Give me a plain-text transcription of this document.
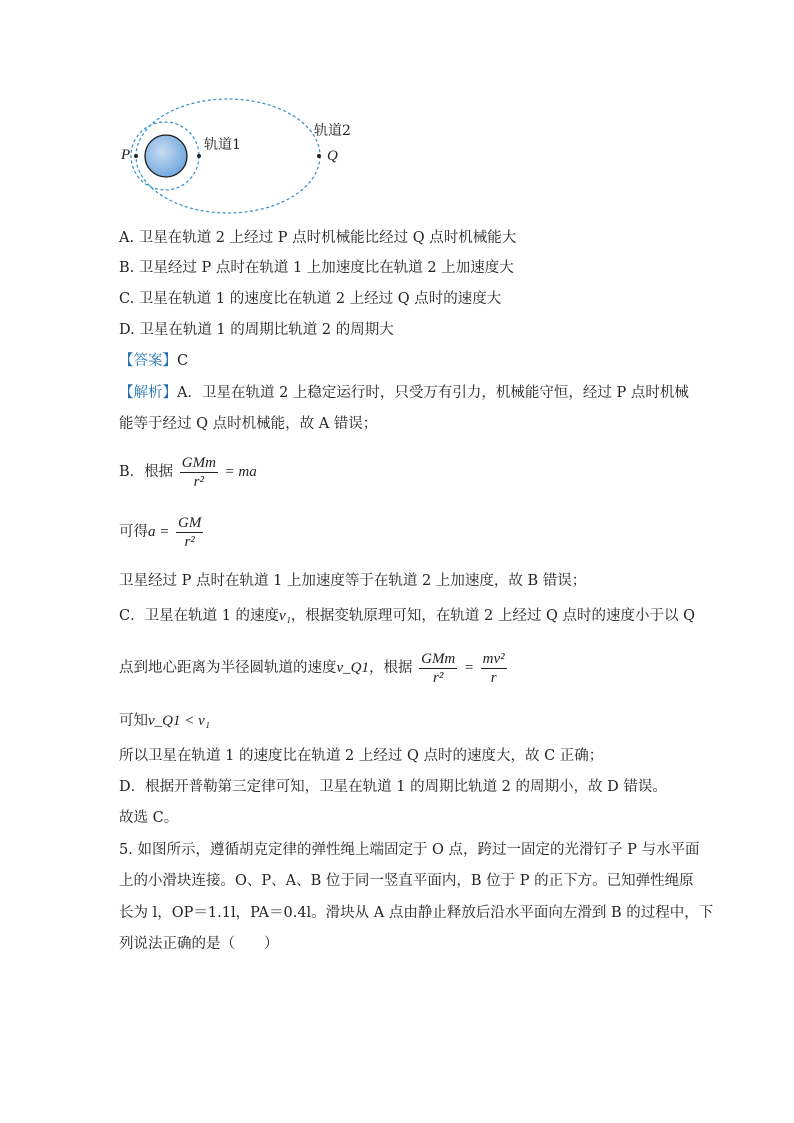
P
轨道1
轨道2
Q
A. 卫星在轨道 2 上经过 P 点时机械能比经过 Q 点时机械能大
B. 卫星经过 P 点时在轨道 1 上加速度比在轨道 2 上加速度大
C. 卫星在轨道 1 的速度比在轨道 2 上经过 Q 点时的速度大
D. 卫星在轨道 1 的周期比轨道 2 的周期大
【答案】C
【解析】A．卫星在轨道 2 上稳定运行时，只受万有引力，机械能守恒，经过 P 点时机械
能等于经过 Q 点时机械能，故 A 错误；
B．根据 $\frac{\text{GMm}}{\text{r²}}$ = ma
可得$a = \frac{GM}{\text{r²}}$
卫星经过 P 点时在轨道 1 上加速度等于在轨道 2 上加速度，故 B 错误；
C．卫星在轨道 1 的速度v₁，根据变轨原理可知，在轨道 2 上经过 Q 点时的速度小于以 Q
点到地心距离为半径圆轨道的速度v_Q1，根据 $\frac{\text{GMm}}{\text{r²}} = \frac{\text{mv²}}{r}$
可知v_Q1 < v₁
所以卫星在轨道 1 的速度比在轨道 2 上经过 Q 点时的速度大，故 C 正确；
D．根据开普勒第三定律可知，卫星在轨道 1 的周期比轨道 2 的周期小，故 D 错误。
故选 C。
5. 如图所示，遵循胡克定律的弹性绳上端固定于 O 点，跨过一固定的光滑钉子 P 与水平面
上的小滑块连接。O、P、A、B 位于同一竖直平面内，B 位于 P 的正下方。已知弹性绳原
长为 l，OP＝1.1l，PA＝0.4l。滑块从 A 点由静止释放后沿水平面向左滑到 B 的过程中，下
列说法正确的是（　　）
